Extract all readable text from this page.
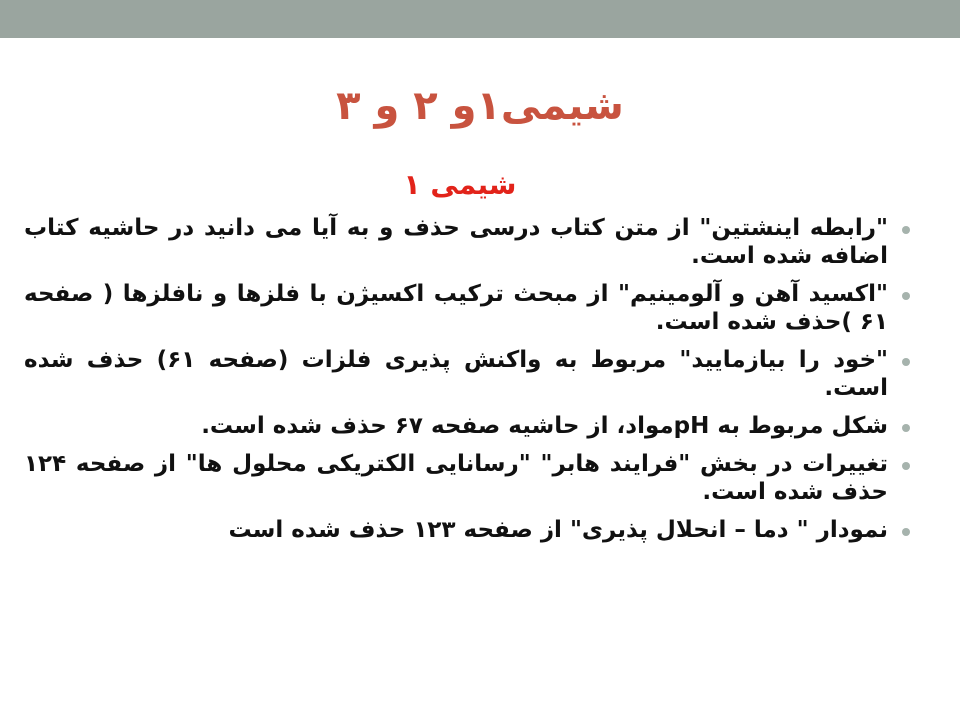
شیمی۱و ۲ و ۳
شیمی ۱
"رابطه اینشتین" از متن کتاب درسی حذف و به آیا می دانید در حاشیه کتاب اضافه شده است.
"اکسید آهن و آلومینیم" از مبحث ترکیب اکسیژن با فلزها و نافلزها ( صفحه ۶۱ )حذف شده است.
"خود را بیازمایید" مربوط به واکنش پذیری فلزات (صفحه ۶۱) حذف شده است.
شکل مربوط به pHمواد، از حاشیه صفحه ۶۷ حذف شده است.
تغییرات در بخش "فرایند هابر" "رسانایی الکتریکی محلول ها" از صفحه ۱۲۴ حذف شده است.
نمودار " دما – انحلال پذیری" از صفحه ۱۲۳ حذف شده است
